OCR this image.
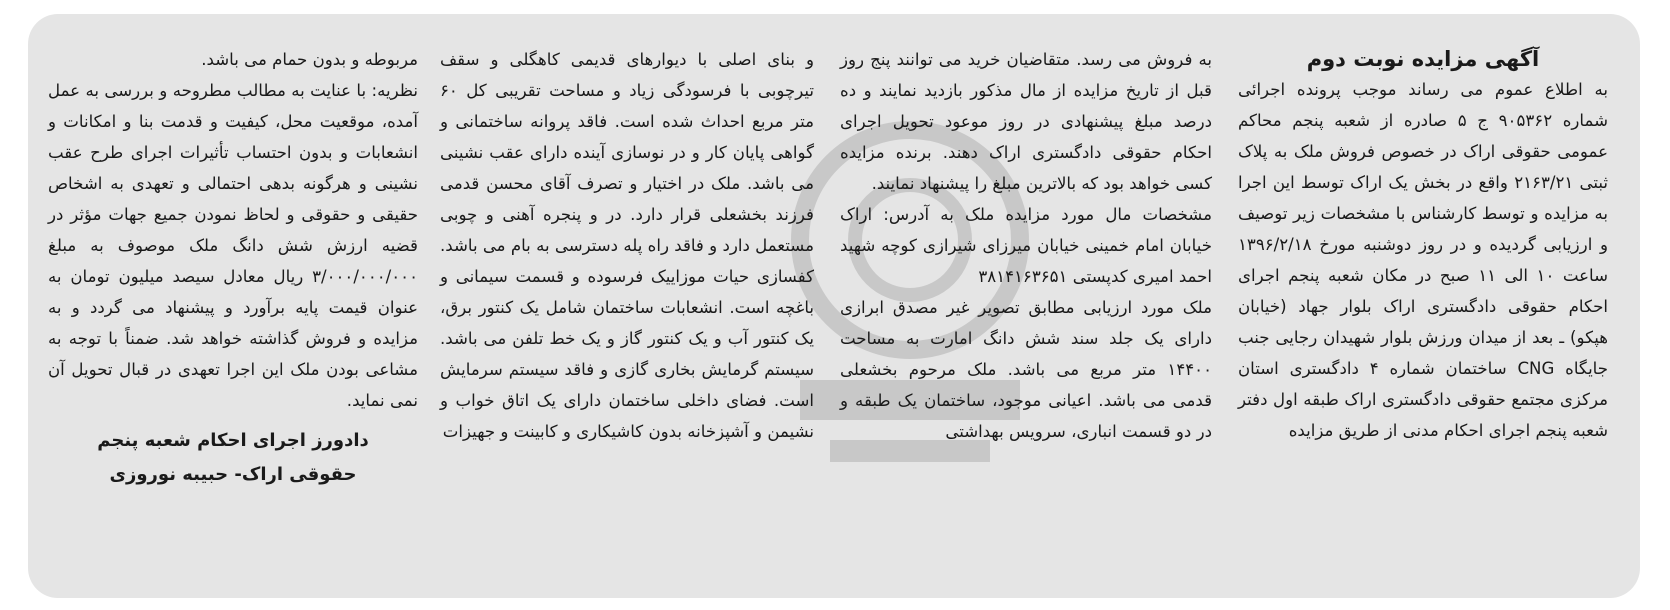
آگهی مزایده نوبت دوم

به اطلاع عموم می رساند موجب پرونده اجرائی شماره ۹۰۵۳۶۲ ج ۵ صادره از شعبه پنجم محاکم عمومی حقوقی اراک در خصوص فروش ملک به پلاک ثبتی ۲۱۶۳/۲۱ واقع در بخش یک اراک توسط این اجرا به مزایده و توسط کارشناس با مشخصات زیر توصیف و ارزیابی گردیده و در روز دوشنبه مورخ ۱۳۹۶/۲/۱۸ ساعت ۱۰ الی ۱۱ صبح در مکان شعبه پنجم اجرای احکام حقوقی دادگستری اراک بلوار جهاد (خیابان هپکو) ـ بعد از میدان ورزش بلوار شهیدان رجایی جنب جایگاه CNG ساختمان شماره ۴ دادگستری استان مرکزی مجتمع حقوقی دادگستری اراک طبقه اول دفتر شعبه پنجم اجرای احکام مدنی از طریق مزایده

به فروش می رسد. متقاضیان خرید می توانند پنج روز قبل از تاریخ مزایده از مال مذکور بازدید نمایند و ده درصد مبلغ پیشنهادی در روز موعود تحویل اجرای احکام حقوقی دادگستری اراک دهند. برنده مزایده کسی خواهد بود که بالاترین مبلغ را پیشنهاد نمایند.

مشخصات مال مورد مزایده ملک به آدرس: اراک خیابان امام خمینی خیابان میرزای شیرازی کوچه شهید احمد امیری کدپستی ۳۸۱۴۱۶۳۶۵۱

ملک مورد ارزیابی مطابق تصویر غیر مصدق ابرازی دارای یک جلد سند شش دانگ امارت به مساحت ۱۴۴۰۰ متر مربع می باشد. ملک مرحوم بخشعلی قدمی می باشد. اعیانی موجود، ساختمان یک طبقه و در دو قسمت انباری، سرویس بهداشتی

و بنای اصلی با دیوارهای قدیمی کاهگلی و سقف تیرچوبی با فرسودگی زیاد و مساحت تقریبی کل ۶۰ متر مربع احداث شده است. فاقد پروانه ساختمانی و گواهی پایان کار و در نوسازی آینده دارای عقب نشینی می باشد. ملک در اختیار و تصرف آقای محسن قدمی فرزند بخشعلی قرار دارد. در و پنجره آهنی و چوبی مستعمل دارد و فاقد راه پله دسترسی به بام می باشد. کفسازی حیات موزاییک فرسوده و قسمت سیمانی و باغچه است. انشعابات ساختمان شامل یک کنتور برق، یک کنتور آب و یک کنتور گاز و یک خط تلفن می باشد. سیستم گرمایش بخاری گازی و فاقد سیستم سرمایش است. فضای داخلی ساختمان دارای یک اتاق خواب و نشیمن و آشپزخانه بدون کاشیکاری و کابینت و جهیزات

مربوطه و بدون حمام می باشد.

نظریه: با عنایت به مطالب مطروحه و بررسی به عمل آمده، موقعیت محل، کیفیت و قدمت بنا و امکانات و انشعابات و بدون احتساب تأثیرات اجرای طرح عقب نشینی و هرگونه بدهی احتمالی و تعهدی به اشخاص حقیقی و حقوقی و لحاظ نمودن جمیع جهات مؤثر در قضیه ارزش شش دانگ ملک موصوف به مبلغ ۳/۰۰۰/۰۰۰/۰۰۰ ریال معادل سیصد میلیون تومان به عنوان قیمت پایه برآورد و پیشنهاد می گردد و به مزایده و فروش گذاشته خواهد شد. ضمناً با توجه به مشاعی بودن ملک این اجرا تعهدی در قبال تحویل آن نمی نماید.

دادورز اجرای احکام شعبه پنجم

حقوقی اراک- حبیبه نوروزی
